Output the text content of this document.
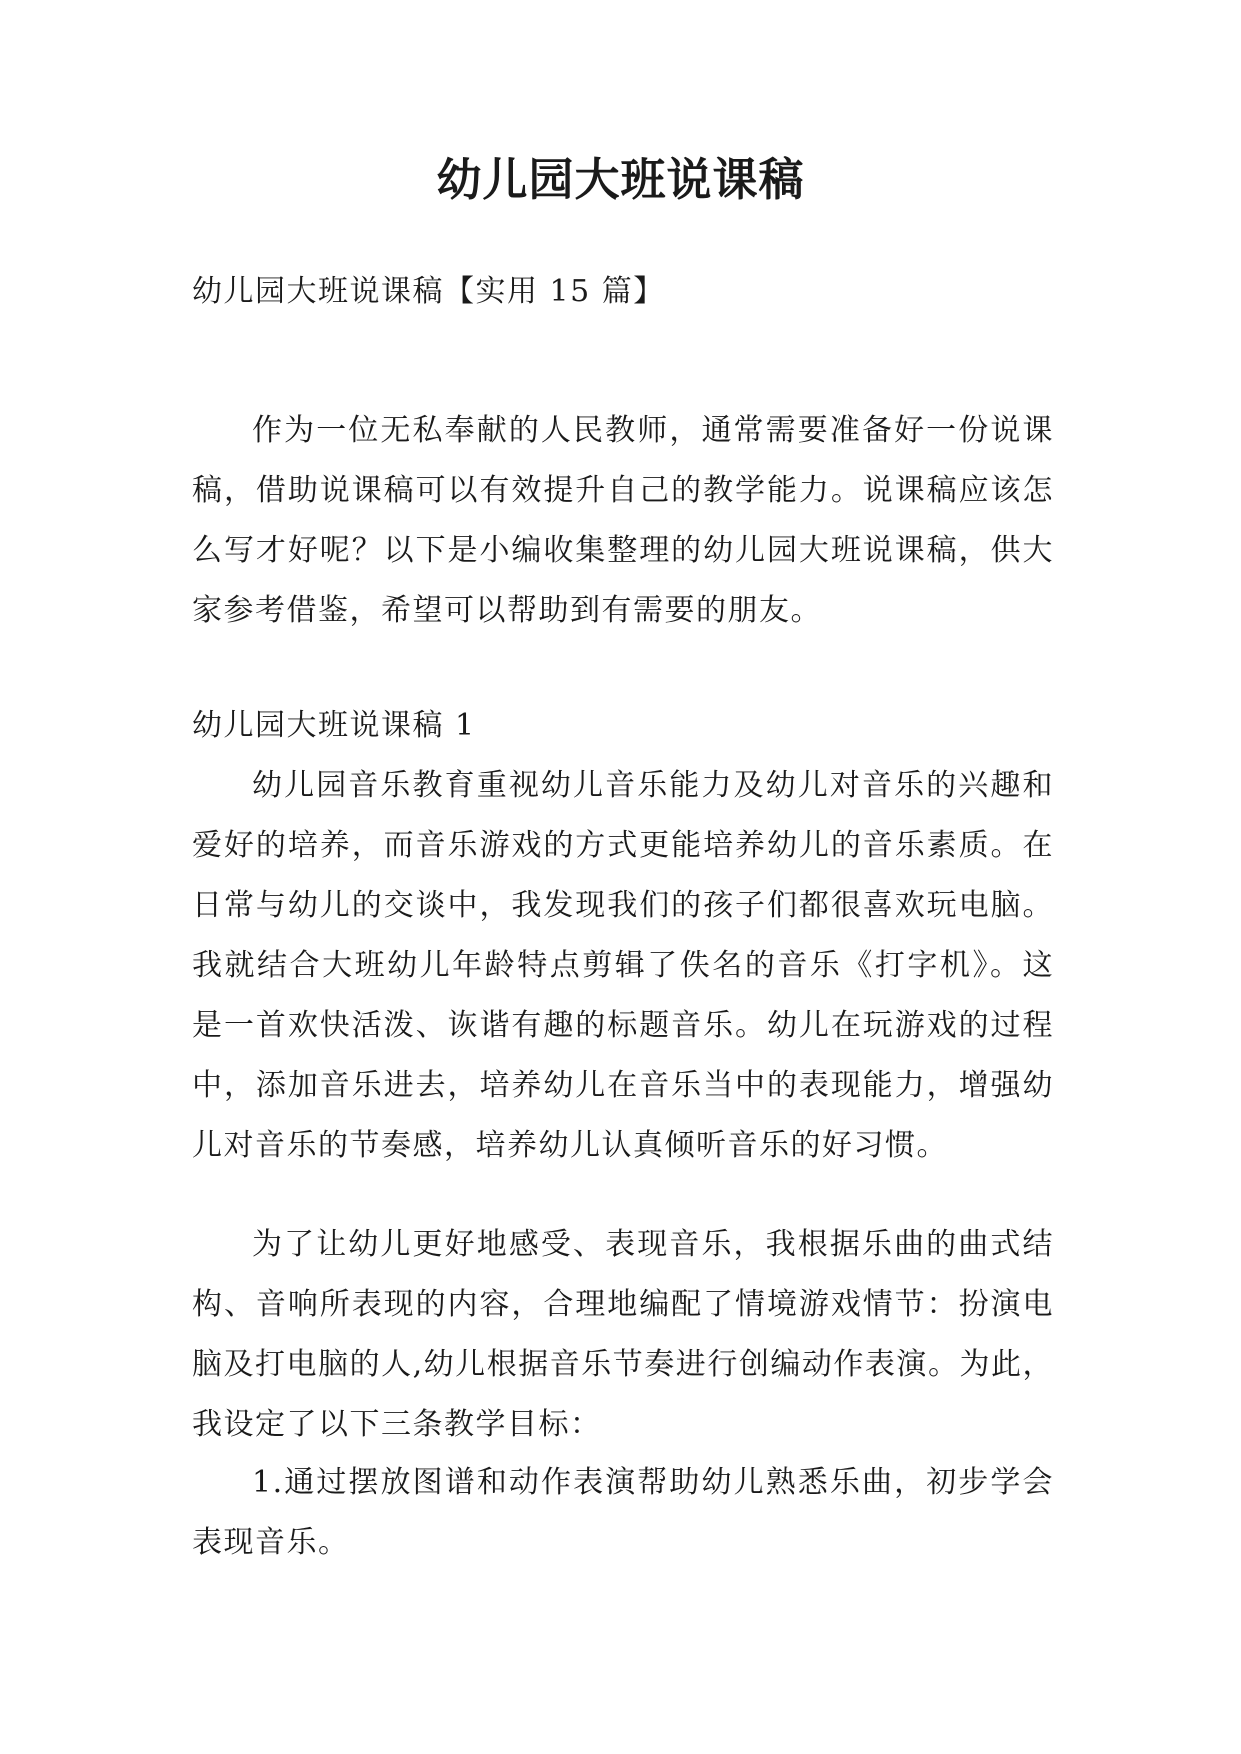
幼儿园大班说课稿

幼儿园大班说课稿【实用 15 篇】

作为一位无私奉献的人民教师，通常需要准备好一份说课稿，借助说课稿可以有效提升自己的教学能力。说课稿应该怎么写才好呢？以下是小编收集整理的幼儿园大班说课稿，供大家参考借鉴，希望可以帮助到有需要的朋友。

幼儿园大班说课稿 1

幼儿园音乐教育重视幼儿音乐能力及幼儿对音乐的兴趣和爱好的培养，而音乐游戏的方式更能培养幼儿的音乐素质。在日常与幼儿的交谈中，我发现我们的孩子们都很喜欢玩电脑。我就结合大班幼儿年龄特点剪辑了佚名的音乐《打字机》。这是一首欢快活泼、诙谐有趣的标题音乐。幼儿在玩游戏的过程中，添加音乐进去，培养幼儿在音乐当中的表现能力，增强幼儿对音乐的节奏感，培养幼儿认真倾听音乐的好习惯。

为了让幼儿更好地感受、表现音乐，我根据乐曲的曲式结构、音响所表现的内容，合理地编配了情境游戏情节：扮演电脑及打电脑的人,幼儿根据音乐节奏进行创编动作表演。为此，我设定了以下三条教学目标：

1.通过摆放图谱和动作表演帮助幼儿熟悉乐曲，初步学会表现音乐。
